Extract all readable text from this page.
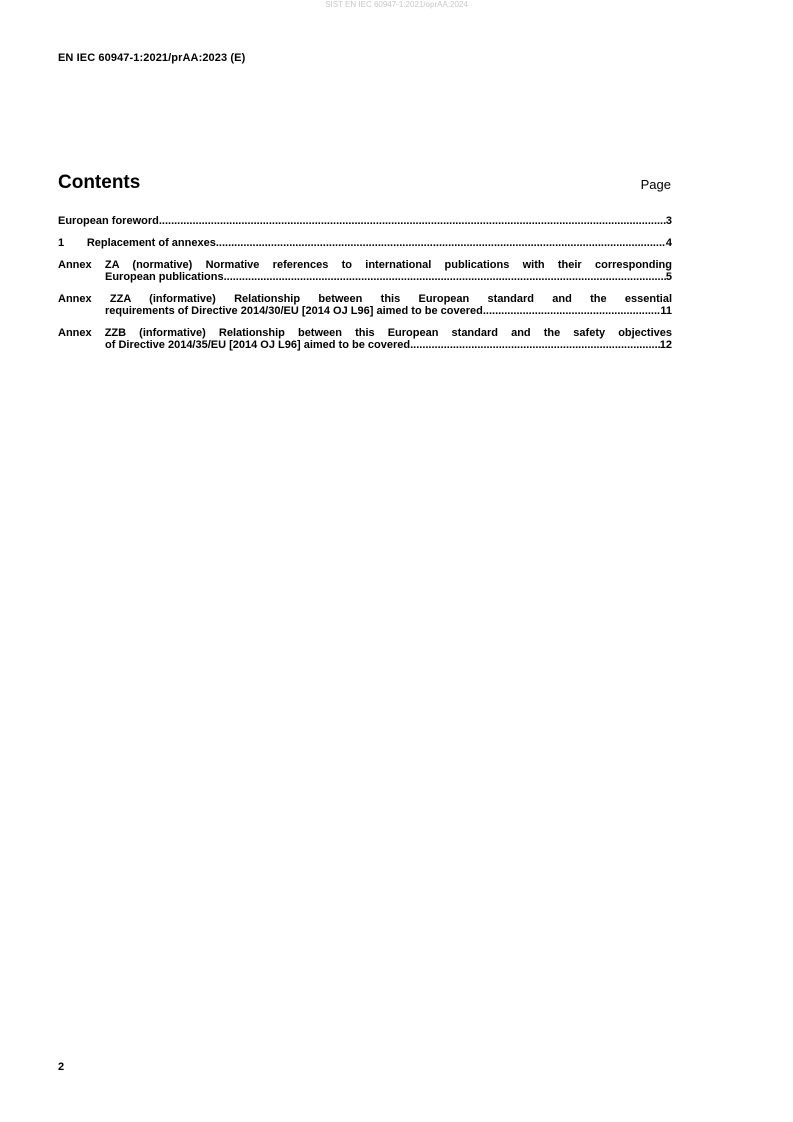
SIST EN IEC 60947-1:2021/oprAA:2024
EN IEC 60947-1:2021/prAA:2023 (E)
Contents	Page
European foreword .....	3
1	Replacement of annexes .....	4
Annex ZA (normative) Normative references to international publications with their corresponding
European publications .....	5
Annex ZZA (informative) Relationship between this European standard and the essential
requirements of Directive 2014/30/EU [2014 OJ L96] aimed to be covered .....	11
Annex ZZB (informative) Relationship between this European standard and the safety objectives
of Directive 2014/35/EU [2014 OJ L96] aimed to be covered .....	12
2
